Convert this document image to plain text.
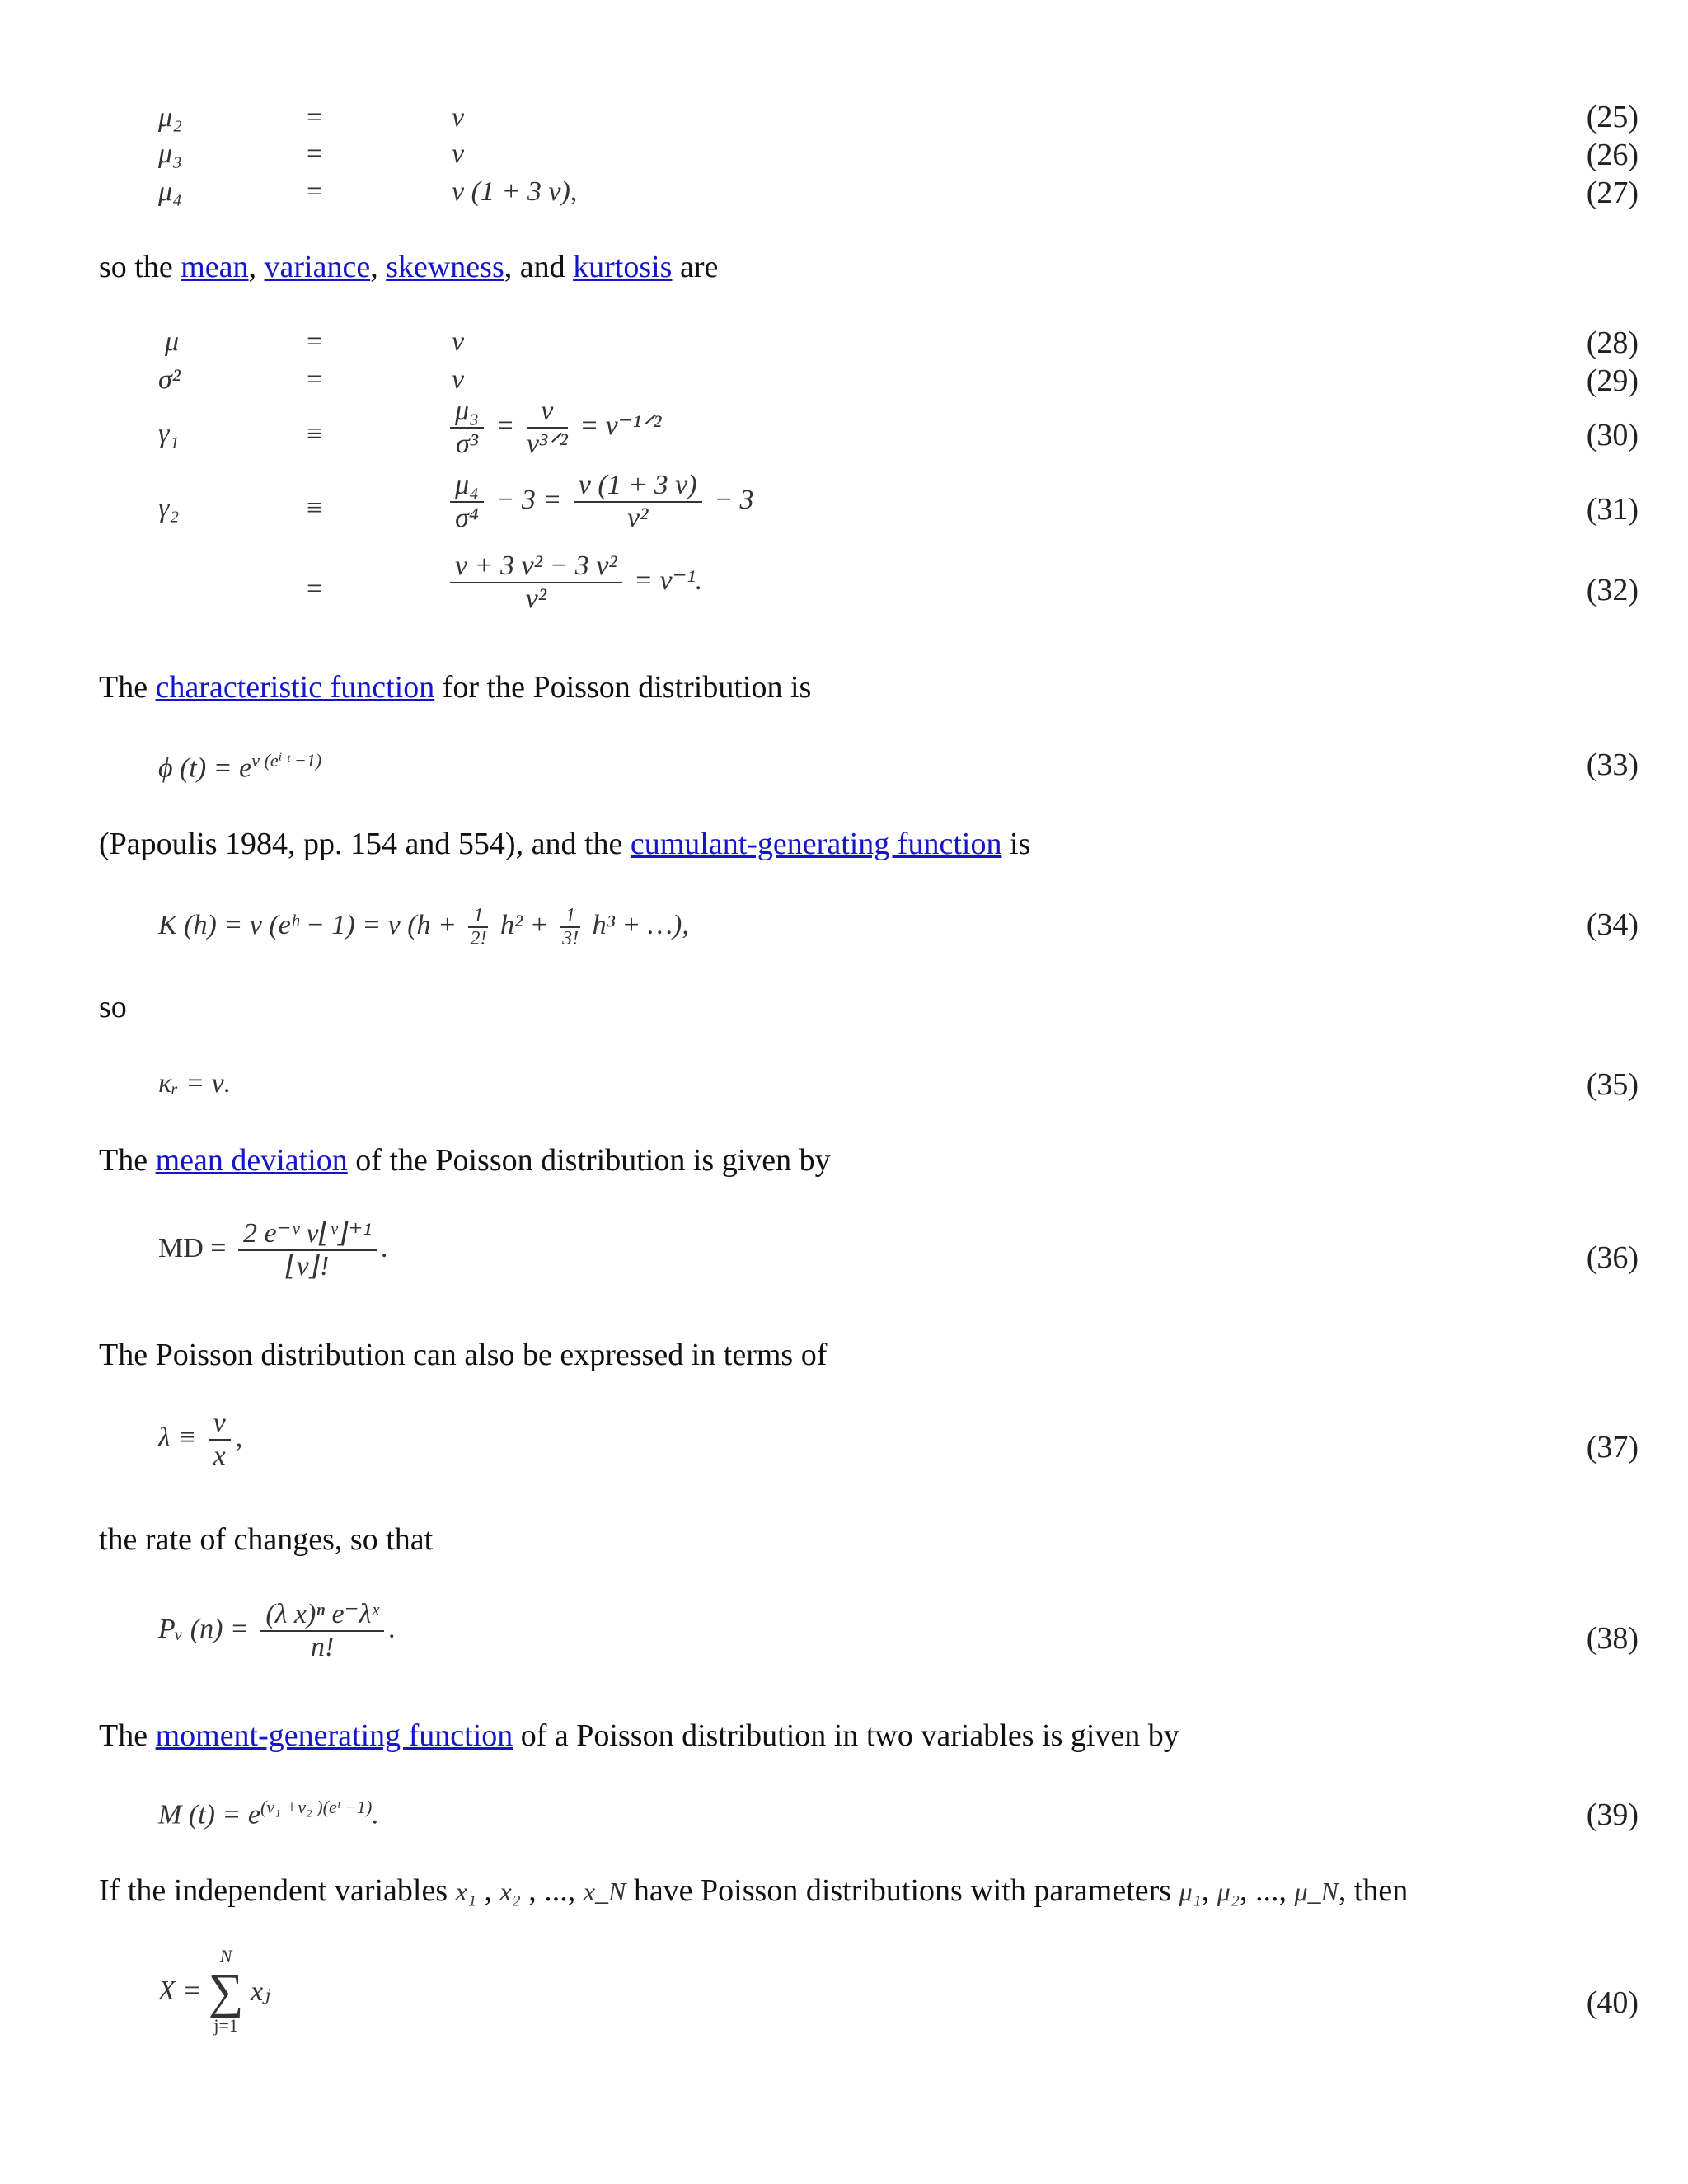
μ₂	=	ν	(25)
μ₃	=	ν	(26)
μ₄	=	ν (1 + 3 ν),	(27)
so the mean, variance, skewness, and kurtosis are
μ	=	ν	(28)
σ²	=	ν	(29)
γ₁	≡	$\frac{\text{μ₃}}{\text{σ³}} = \frac{\nu}{\text{ν³ᐟ²}}$ = ν⁻¹ᐟ²	(30)
γ₂	≡	$\frac{\text{μ₄}}{\text{σ⁴}} - 3 = \frac{\nu (1 + 3 \nu)}{\text{ν²}} - 3$	(31)
=	$\frac{\text{ν + 3 ν² − 3 ν²}}{\text{ν²}} = \nu^{-1}$.	(32)
The characteristic function for the Poisson distribution is
ϕ $(t) = e^{\nu (e^i ᵗ -1)}$	(33)
(Papoulis 1984, pp. 154 and 554), and the cumulant-generating function is
K (h) = ν (eʰ − 1) = ν ($h + \frac{1}{2!} h^2 + \frac{1}{3!} h^3$ + …),	(34)
so
κᵣ = ν.	(35)
The mean deviation of the Poisson distribution is given by
MD = $\frac{\text{2 e⁻ᵛ ν⌊ᵛ⌋⁺¹}}{⌊\nu⌋!}$ .	(36)
The Poisson distribution can also be expressed in terms of
$\lambda \equiv \frac{\nu}{x}$ ,	(37)
the rate of changes, so that
Pᵥ $(n) = \frac{\text{(λ x)ⁿ e⁻λˣ}}{n!}$ .	(38)
The moment-generating function of a Poisson distribution in two variables is given by
M $(t) = e^{(\nu_1 +\nu_2 )(eᵗ -1)}$.	(39)
If the independent variables x₁ , x₂ , ..., x_N have Poisson distributions with parameters μ₁, μ₂, ..., μ_N, then
X =
N
∑
j=1
xⱼ	(40)
